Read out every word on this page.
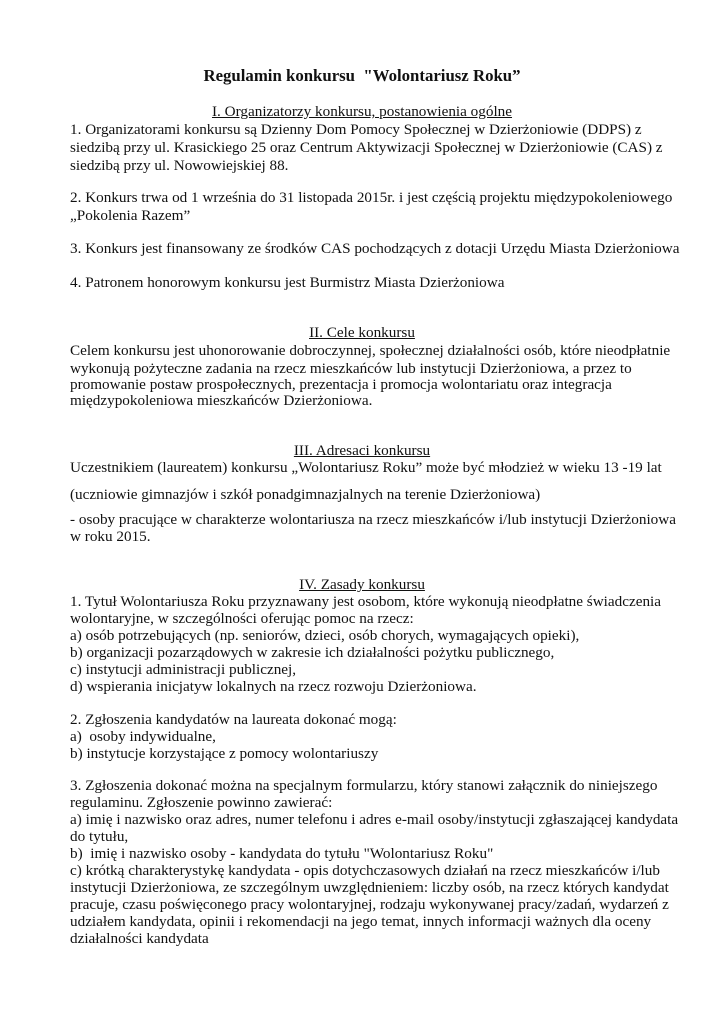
Regulamin konkursu  "Wolontariusz Roku”
I. Organizatorzy konkursu, postanowienia ogólne
1. Organizatorami konkursu są Dzienny Dom Pomocy Społecznej w Dzierżoniowie (DDPS) z
siedzibą przy ul. Krasickiego 25 oraz Centrum Aktywizacji Społecznej w Dzierżoniowie (CAS) z
siedzibą przy ul. Nowowiejskiej 88.
2. Konkurs trwa od 1 września do 31 listopada 2015r. i jest częścią projektu międzypokoleniowego
„Pokolenia Razem”
3. Konkurs jest finansowany ze środków CAS pochodzących z dotacji Urzędu Miasta Dzierżoniowa
4. Patronem honorowym konkursu jest Burmistrz Miasta Dzierżoniowa
II. Cele konkursu
Celem konkursu jest uhonorowanie dobroczynnej, społecznej działalności osób, które nieodpłatnie
wykonują pożyteczne zadania na rzecz mieszkańców lub instytucji Dzierżoniowa, a przez to
promowanie postaw prospołecznych, prezentacja i promocja wolontariatu oraz integracja
międzypokoleniowa mieszkańców Dzierżoniowa.
III. Adresaci konkursu
Uczestnikiem (laureatem) konkursu „Wolontariusz Roku” może być młodzież w wieku 13 -19 lat
(uczniowie gimnazjów i szkół ponadgimnazjalnych na terenie Dzierżoniowa)
- osoby pracujące w charakterze wolontariusza na rzecz mieszkańców i/lub instytucji Dzierżoniowa
w roku 2015.
IV. Zasady konkursu
1. Tytuł Wolontariusza Roku przyznawany jest osobom, które wykonują nieodpłatne świadczenia
wolontaryjne, w szczególności oferując pomoc na rzecz:
a) osób potrzebujących (np. seniorów, dzieci, osób chorych, wymagających opieki),
b) organizacji pozarządowych w zakresie ich działalności pożytku publicznego,
c) instytucji administracji publicznej,
d) wspierania inicjatyw lokalnych na rzecz rozwoju Dzierżoniowa.
2. Zgłoszenia kandydatów na laureata dokonać mogą:
a)  osoby indywidualne,
b) instytucje korzystające z pomocy wolontariuszy
3. Zgłoszenia dokonać można na specjalnym formularzu, który stanowi załącznik do niniejszego
regulaminu. Zgłoszenie powinno zawierać:
a) imię i nazwisko oraz adres, numer telefonu i adres e-mail osoby/instytucji zgłaszającej kandydata
do tytułu,
b)  imię i nazwisko osoby - kandydata do tytułu "Wolontariusz Roku"
c) krótką charakterystykę kandydata - opis dotychczasowych działań na rzecz mieszkańców i/lub
instytucji Dzierżoniowa, ze szczególnym uwzględnieniem: liczby osób, na rzecz których kandydat
pracuje, czasu poświęconego pracy wolontaryjnej, rodzaju wykonywanej pracy/zadań, wydarzeń z
udziałem kandydata, opinii i rekomendacji na jego temat, innych informacji ważnych dla oceny
działalności kandydata
